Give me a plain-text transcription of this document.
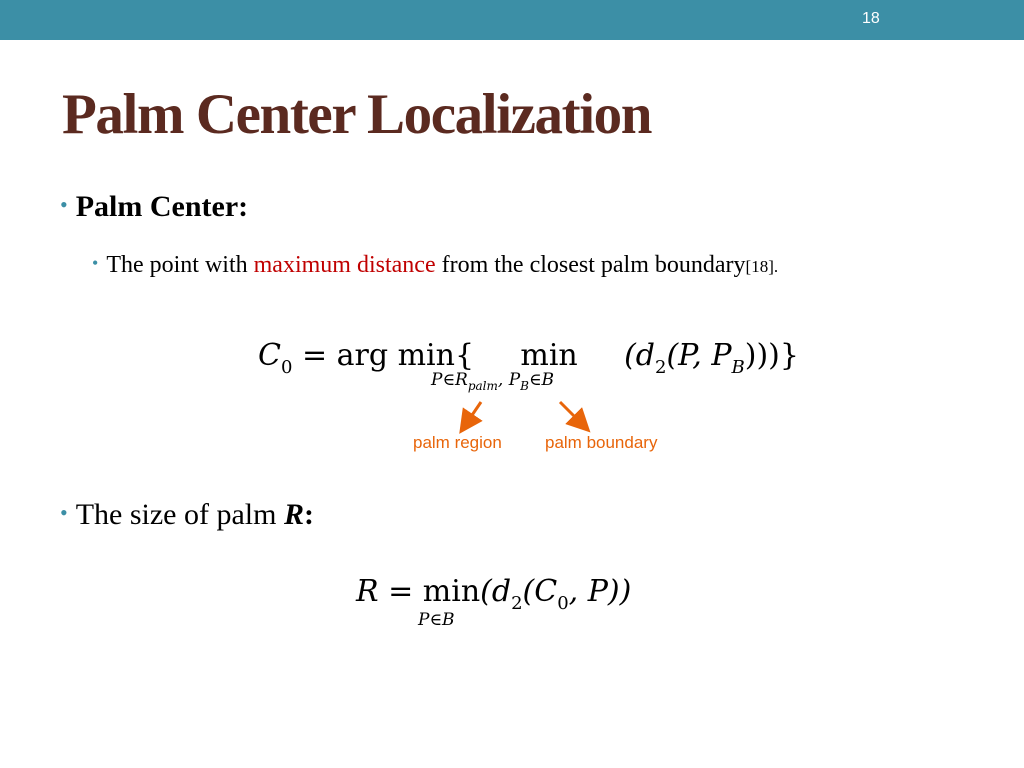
18
Palm Center Localization
• Palm Center:
• The point with maximum distance from the closest palm boundary[18].
$C_0$ = arg min{ $\min (d_2(P$, $P_B$)))}
$P\in R_{palm}$, $P_B\in B$
palm region	palm boundary
• The size of palm R:
$R = \min(d_2(C_0$, P))
P∈B
